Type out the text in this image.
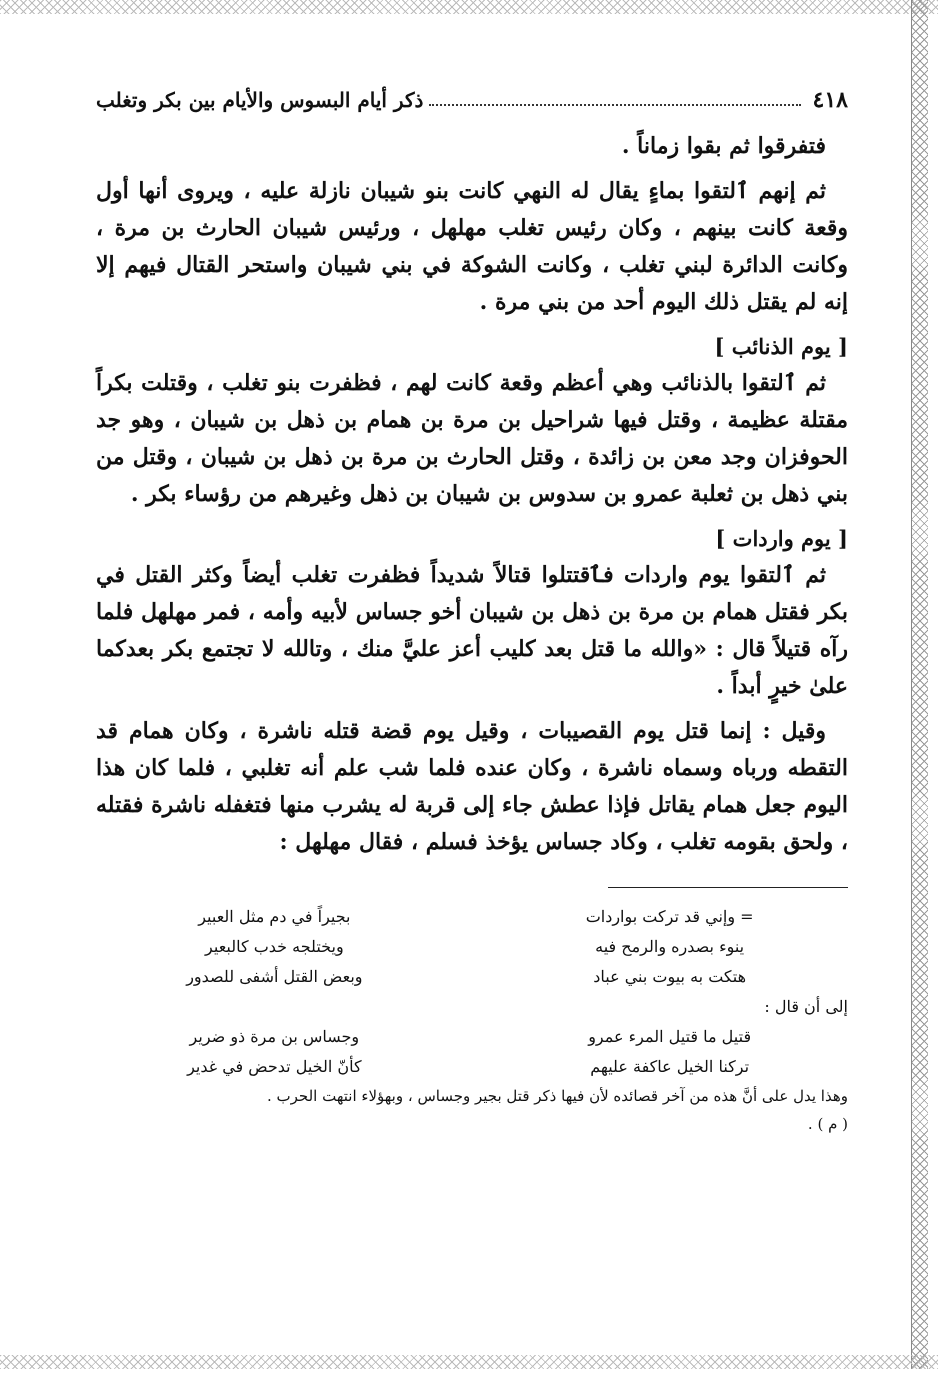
٤١٨
ذكر أيام البسوس والأيام بين بكر وتغلب

فتفرقوا ثم بقوا زماناً .

ثم إنهم ٱلتقوا بماءٍ يقال له النهي كانت بنو شيبان نازلة عليه ، ويروى أنها أول وقعة كانت بينهم ، وكان رئيس تغلب مهلهل ، ورئيس شيبان الحارث بن مرة ، وكانت الدائرة لبني تغلب ، وكانت الشوكة في بني شيبان واستحر القتال فيهم إلا إنه لم يقتل ذلك اليوم أحد من بني مرة .

[ يوم الذنائب ]

ثم ٱلتقوا بالذنائب وهي أعظم وقعة كانت لهم ، فظفرت بنو تغلب ، وقتلت بكراً مقتلة عظيمة ، وقتل فيها شراحيل بن مرة بن همام بن ذهل بن شيبان ، وهو جد الحوفزان وجد معن بن زائدة ، وقتل الحارث بن مرة بن ذهل بن شيبان ، وقتل من بني ذهل بن ثعلبة عمرو بن سدوس بن شيبان بن ذهل وغيرهم من رؤساء بكر .

[ يوم واردات ]

ثم ٱلتقوا يوم واردات فٱقتتلوا قتالاً شديداً فظفرت تغلب أيضاً وكثر القتل في بكر فقتل همام بن مرة بن ذهل بن شيبان أخو جساس لأبيه وأمه ، فمر مهلهل فلما رآه قتيلاً قال : «والله ما قتل بعد كليب أعز عليَّ منك ، وتالله لا تجتمع بكر بعدكما علىٰ خيرٍ أبداً .

وقيل : إنما قتل يوم القصيبات ، وقيل يوم قضة قتله ناشرة ، وكان همام قد التقطه ورباه وسماه ناشرة ، وكان عنده فلما شب علم أنه تغلبي ، فلما كان هذا اليوم جعل همام يقاتل فإذا عطش جاء إلى قربة له يشرب منها فتغفله ناشرة فقتله ، ولحق بقومه تغلب ، وكاد جساس يؤخذ فسلم ، فقال مهلهل :

= وإني قد تركت بواردات
بجيراً في دم مثل العبير
ينوء بصدره والرمح فيه
ويختلجه خدب كالبعير
هتكت به بيوت بني عباد
وبعض القتل أشفى للصدور
إلى أن قال :
قتيل ما قتيل المرء عمرو
وجساس بن مرة ذو ضرير
تركنا الخيل عاكفة عليهم
كأنّ الخيل تدحض في غدير
وهذا يدل على أنَّ هذه من آخر قصائده لأن فيها ذكر قتل بجير وجساس ، وبهؤلاء انتهت الحرب .
( م ) .
